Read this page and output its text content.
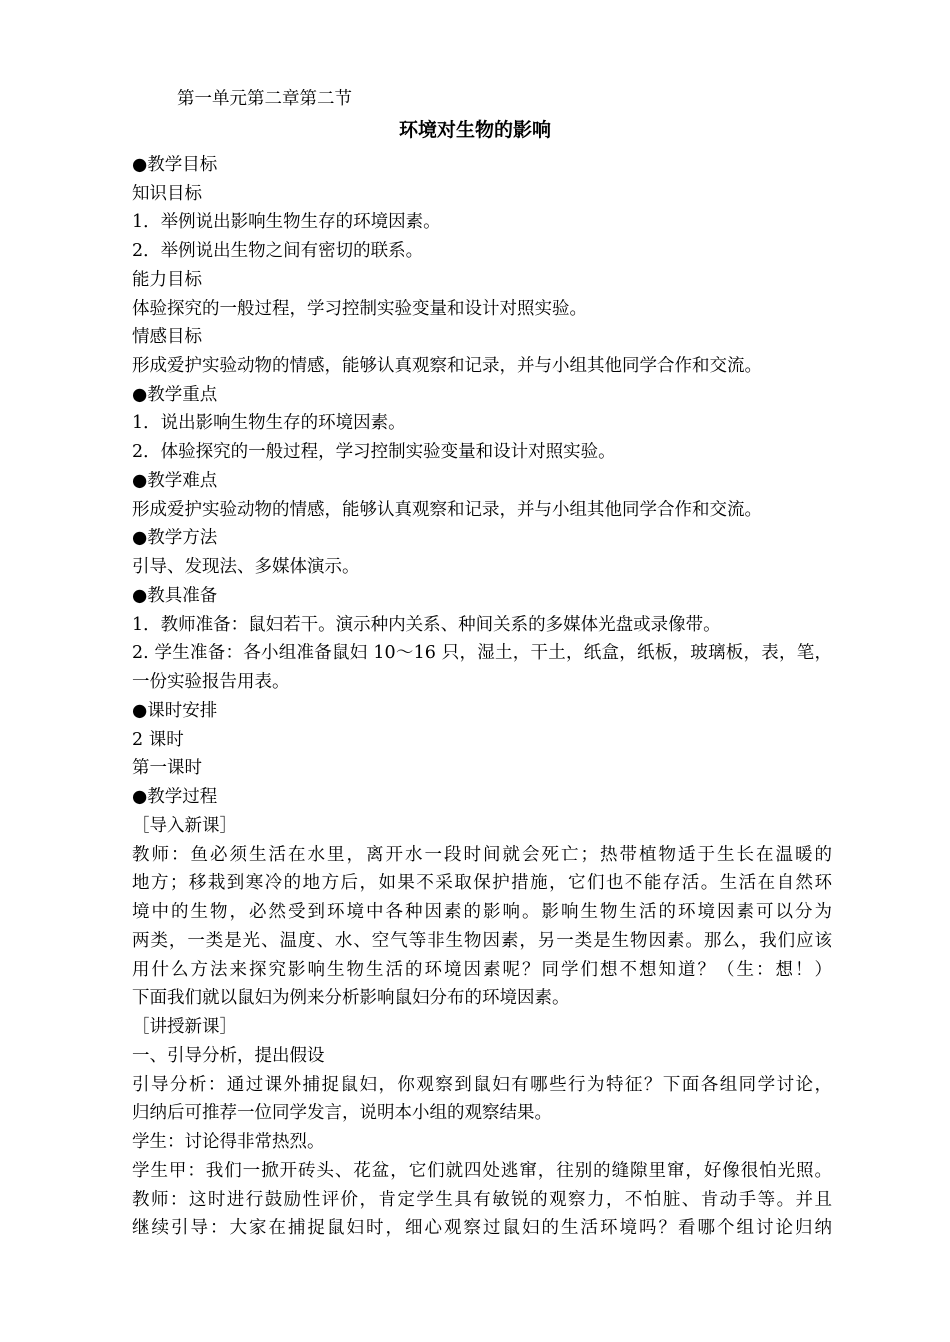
第一单元第二章第二节
环境对生物的影响
●教学目标
知识目标
1．举例说出影响生物生存的环境因素。
2．举例说出生物之间有密切的联系。
能力目标
体验探究的一般过程，学习控制实验变量和设计对照实验。
情感目标
形成爱护实验动物的情感，能够认真观察和记录，并与小组其他同学合作和交流。
●教学重点
1．说出影响生物生存的环境因素。
2．体验探究的一般过程，学习控制实验变量和设计对照实验。
●教学难点
形成爱护实验动物的情感，能够认真观察和记录，并与小组其他同学合作和交流。
●教学方法
引导、发现法、多媒体演示。
●教具准备
1．教师准备：鼠妇若干。演示种内关系、种间关系的多媒体光盘或录像带。
2. 学生准备：各小组准备鼠妇 10～16 只，湿土，干土，纸盒，纸板，玻璃板，表，笔，
一份实验报告用表。
●课时安排
2 课时
第一课时
●教学过程
［导入新课］
教师：鱼必须生活在水里，离开水一段时间就会死亡；热带植物适于生长在温暖的
地方；移栽到寒冷的地方后，如果不采取保护措施，它们也不能存活。生活在自然环
境中的生物，必然受到环境中各种因素的影响。影响生物生活的环境因素可以分为
两类，一类是光、温度、水、空气等非生物因素，另一类是生物因素。那么，我们应该
用什么方法来探究影响生物生活的环境因素呢？同学们想不想知道？（生：想！）
下面我们就以鼠妇为例来分析影响鼠妇分布的环境因素。
［讲授新课］
一、引导分析，提出假设
引导分析：通过课外捕捉鼠妇，你观察到鼠妇有哪些行为特征？下面各组同学讨论，
归纳后可推荐一位同学发言，说明本小组的观察结果。
学生：讨论得非常热烈。
学生甲：我们一掀开砖头、花盆，它们就四处逃窜，往别的缝隙里窜，好像很怕光照。
教师：这时进行鼓励性评价，肯定学生具有敏锐的观察力，不怕脏、肯动手等。并且
继续引导：大家在捕捉鼠妇时，细心观察过鼠妇的生活环境吗？看哪个组讨论归纳
